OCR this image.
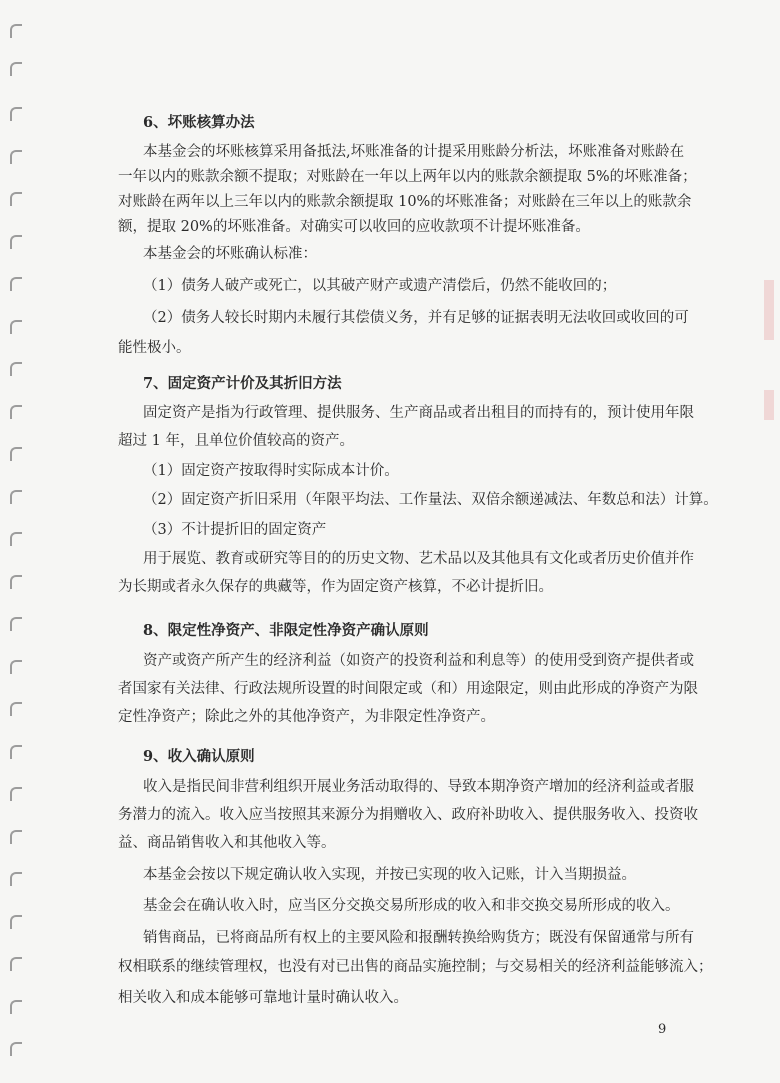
6、坏账核算办法
本基金会的坏账核算采用备抵法,坏账准备的计提采用账龄分析法，坏账准备对账龄在
一年以内的账款余额不提取；对账龄在一年以上两年以内的账款余额提取 5%的坏账准备；
对账龄在两年以上三年以内的账款余额提取 10%的坏账准备；对账龄在三年以上的账款余
额，提取 20%的坏账准备。对确实可以收回的应收款项不计提坏账准备。
本基金会的坏账确认标准：
（1）债务人破产或死亡，以其破产财产或遗产清偿后，仍然不能收回的；
（2）债务人较长时期内未履行其偿债义务，并有足够的证据表明无法收回或收回的可
能性极小。
7、固定资产计价及其折旧方法
固定资产是指为行政管理、提供服务、生产商品或者出租目的而持有的，预计使用年限
超过 1 年，且单位价值较高的资产。
（1）固定资产按取得时实际成本计价。
（2）固定资产折旧采用（年限平均法、工作量法、双倍余额递减法、年数总和法）计算。
（3）不计提折旧的固定资产
用于展览、教育或研究等目的的历史文物、艺术品以及其他具有文化或者历史价值并作
为长期或者永久保存的典藏等，作为固定资产核算，不必计提折旧。
8、限定性净资产、非限定性净资产确认原则
资产或资产所产生的经济利益（如资产的投资利益和利息等）的使用受到资产提供者或
者国家有关法律、行政法规所设置的时间限定或（和）用途限定，则由此形成的净资产为限
定性净资产；除此之外的其他净资产，为非限定性净资产。
9、收入确认原则
收入是指民间非营利组织开展业务活动取得的、导致本期净资产增加的经济利益或者服
务潜力的流入。收入应当按照其来源分为捐赠收入、政府补助收入、提供服务收入、投资收
益、商品销售收入和其他收入等。
本基金会按以下规定确认收入实现，并按已实现的收入记账，计入当期损益。
基金会在确认收入时，应当区分交换交易所形成的收入和非交换交易所形成的收入。
销售商品，已将商品所有权上的主要风险和报酬转换给购货方；既没有保留通常与所有
权相联系的继续管理权，也没有对已出售的商品实施控制；与交易相关的经济利益能够流入；
相关收入和成本能够可靠地计量时确认收入。
9
